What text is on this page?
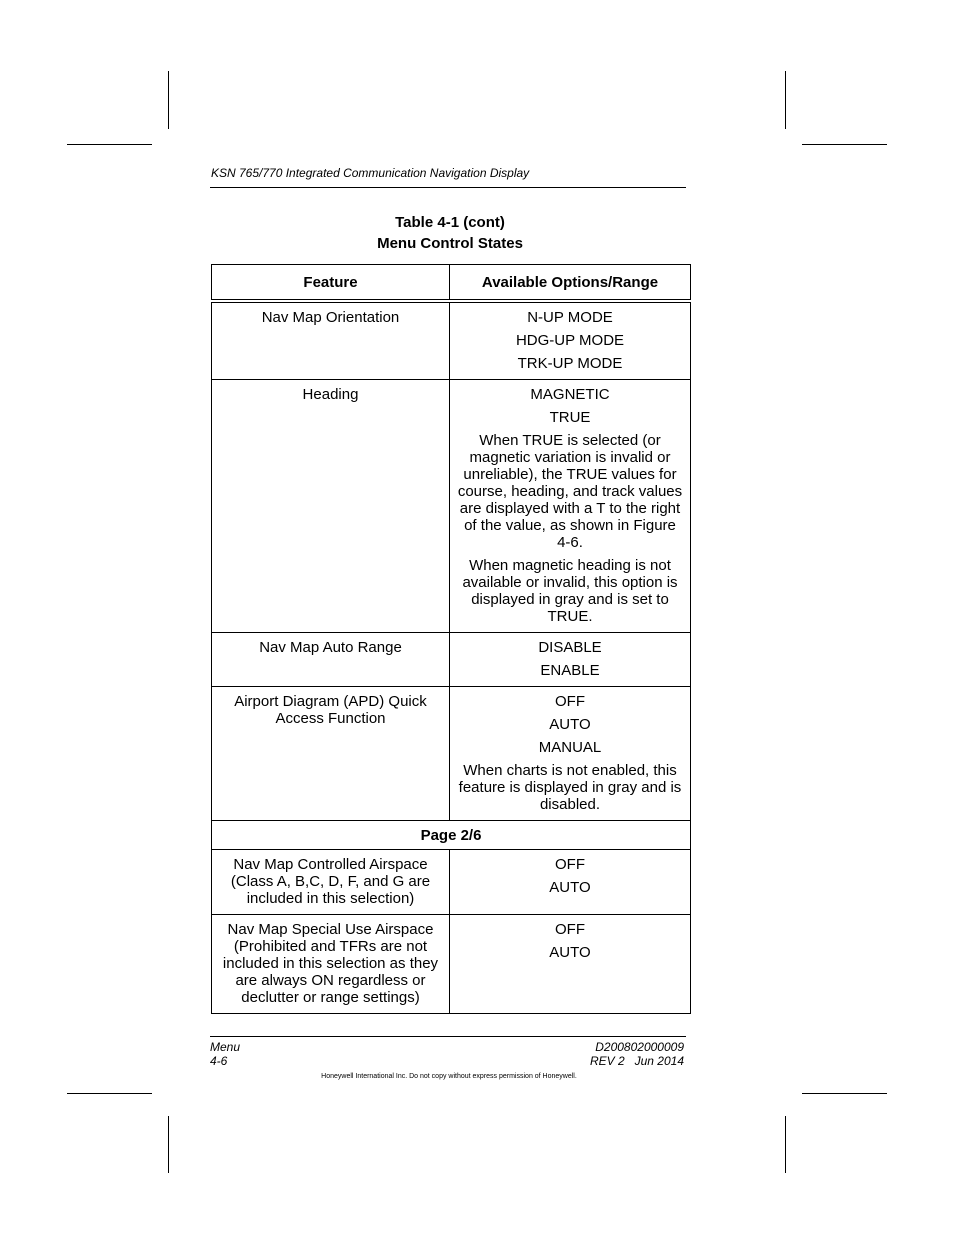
KSN 765/770 Integrated Communication Navigation Display
Table 4-1 (cont)
Menu Control States
Feature	Available Options/Range
Nav Map Orientation	N-UP MODE
HDG-UP MODE
TRK-UP MODE

Heading	MAGNETIC
TRUE
When TRUE is selected (or magnetic variation is invalid or unreliable), the TRUE values for course, heading, and track values are displayed with a T to the right of the value, as shown in Figure 4-6.
When magnetic heading is not available or invalid, this option is displayed in gray and is set to TRUE.

Nav Map Auto Range	DISABLE
ENABLE

Airport Diagram (APD) Quick Access Function	OFF
AUTO
MANUAL
When charts is not enabled, this feature is displayed in gray and is disabled.

Page 2/6	
Nav Map Controlled Airspace (Class A, B,C, D, F, and G are included in this selection)	OFF
AUTO

Nav Map Special Use Airspace (Prohibited and TFRs are not included in this selection as they are always ON regardless or declutter or range settings)	OFF
AUTO
Menu
4-6
D200802000009
REV 2   Jun 2014
Honeywell International Inc. Do not copy without express permission of Honeywell.
